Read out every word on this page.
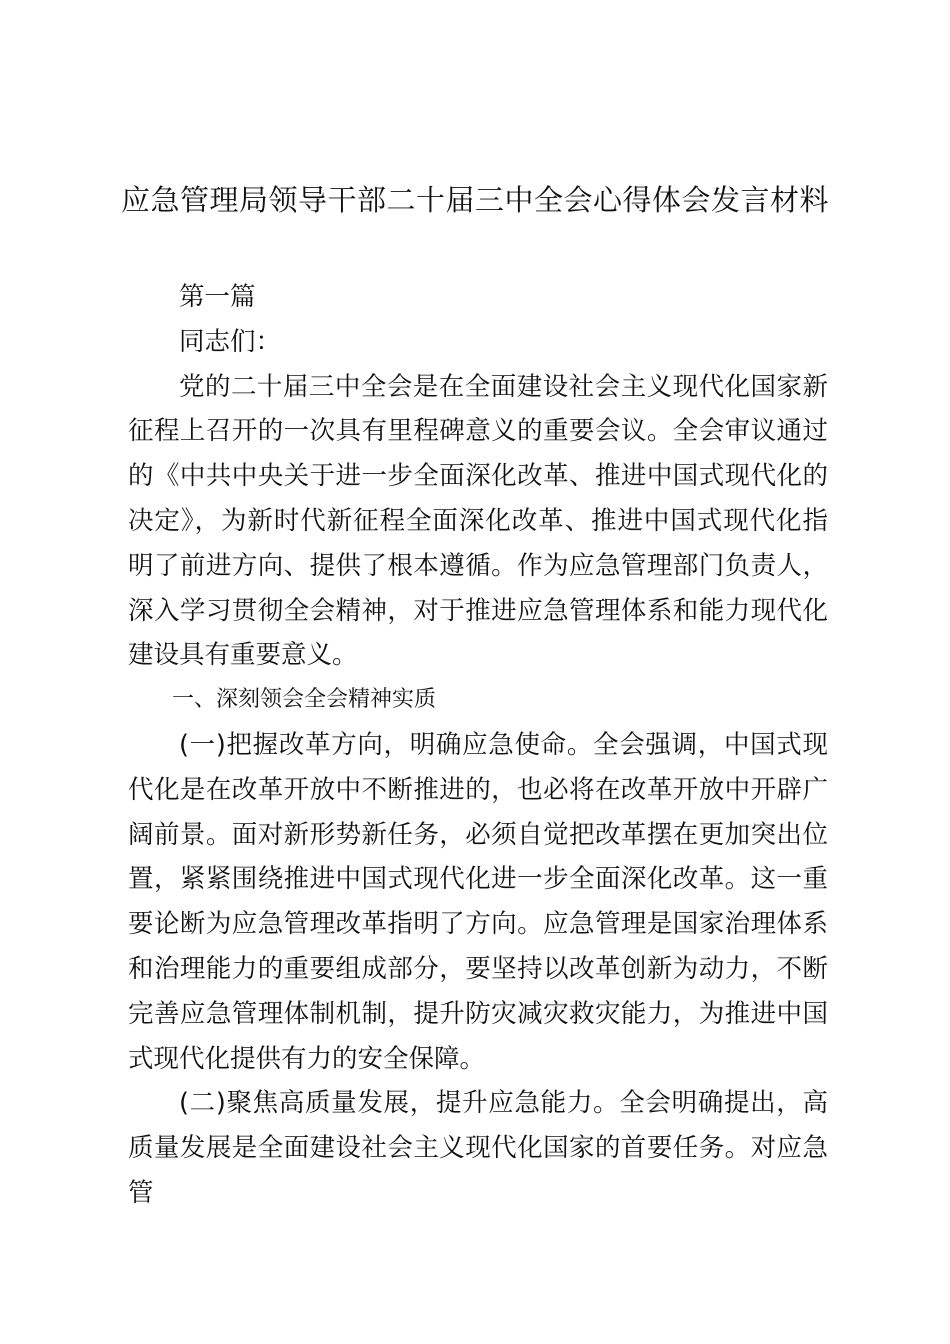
应急管理局领导干部二十届三中全会心得体会发言材料

第一篇

同志们：

党的二十届三中全会是在全面建设社会主义现代化国家新征程上召开的一次具有里程碑意义的重要会议。全会审议通过的《中共中央关于进一步全面深化改革、推进中国式现代化的决定》，为新时代新征程全面深化改革、推进中国式现代化指明了前进方向、提供了根本遵循。作为应急管理部门负责人，深入学习贯彻全会精神，对于推进应急管理体系和能力现代化建设具有重要意义。

一、深刻领会全会精神实质

(一)把握改革方向，明确应急使命。全会强调，中国式现代化是在改革开放中不断推进的，也必将在改革开放中开辟广阔前景。面对新形势新任务，必须自觉把改革摆在更加突出位置，紧紧围绕推进中国式现代化进一步全面深化改革。这一重要论断为应急管理改革指明了方向。应急管理是国家治理体系和治理能力的重要组成部分，要坚持以改革创新为动力，不断完善应急管理体制机制，提升防灾减灾救灾能力，为推进中国式现代化提供有力的安全保障。

(二)聚焦高质量发展，提升应急能力。全会明确提出，高质量发展是全面建设社会主义现代化国家的首要任务。对应急管
